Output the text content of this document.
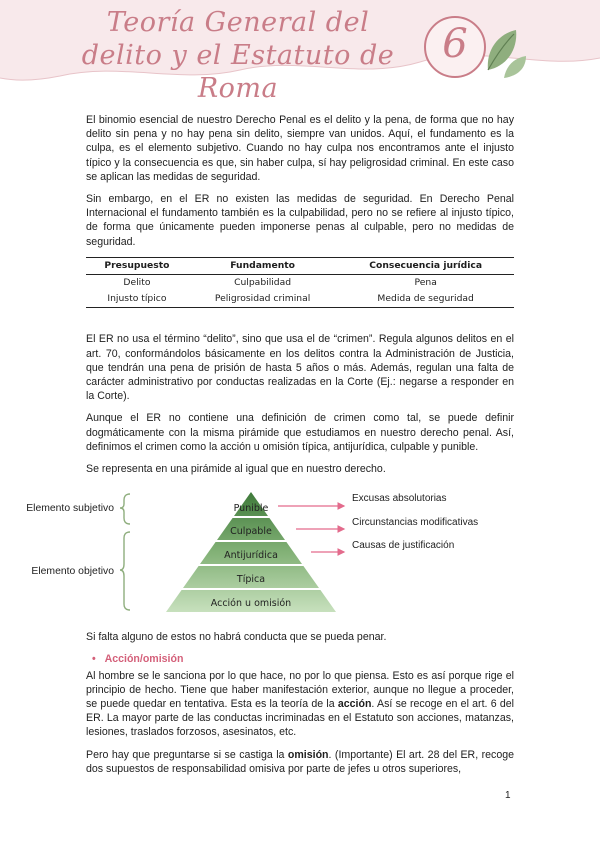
Teoría General del
delito y el Estatuto de Roma
6

El binomio esencial de nuestro Derecho Penal es el delito y la pena, de forma que no hay delito sin pena y no hay pena sin delito, siempre van unidos. Aquí, el fundamento es la culpa, es el elemento subjetivo. Cuando no hay culpa nos encontramos ante el injusto típico y la consecuencia es que, sin haber culpa, sí hay peligrosidad criminal. En este caso se aplican las medidas de seguridad.

Sin embargo, en el ER no existen las medidas de seguridad. En Derecho Penal Internacional el fundamento también es la culpabilidad, pero no se refiere al injusto típico, de forma que únicamente pueden imponerse penas al culpable, pero no medidas de seguridad.

Presupuesto	Fundamento	Consecuencia jurídica
Delito	Culpabilidad	Pena
Injusto típico	Peligrosidad criminal	Medida de seguridad

El ER no usa el término “delito”, sino que usa el de “crimen”. Regula algunos delitos en el art. 70, conformándolos básicamente en los delitos contra la Administración de Justicia, que tendrán una pena de prisión de hasta 5 años o más. Además, regulan una falta de carácter administrativo por conductas realizadas en la Corte (Ej.: negarse a responder en la Corte).

Aunque el ER no contiene una definición de crimen como tal, se puede definir dogmáticamente con la misma pirámide que estudiamos en nuestro derecho penal. Así, definimos el crimen como la acción u omisión típica, antijurídica, culpable y punible.

Se representa en una pirámide al igual que en nuestro derecho.

Punible
Culpable
Antijurídica
Típica
Acción u omisión
Elemento subjetivo
Elemento objetivo
Excusas absolutorias
Circunstancias modificativas
Causas de justificación

Si falta alguno de estos no habrá conducta que se pueda penar.

• Acción/omisión

Al hombre se le sanciona por lo que hace, no por lo que piensa. Esto es así porque rige el principio de hecho. Tiene que haber manifestación exterior, aunque no llegue a proceder, se puede quedar en tentativa. Esta es la teoría de la acción. Así se recoge en el art. 6 del ER. La mayor parte de las conductas incriminadas en el Estatuto son acciones, matanzas, lesiones, traslados forzosos, asesinatos, etc.

Pero hay que preguntarse si se castiga la omisión. (Importante) El art. 28 del ER, recoge dos supuestos de responsabilidad omisiva por parte de jefes u otros superiores,

1
